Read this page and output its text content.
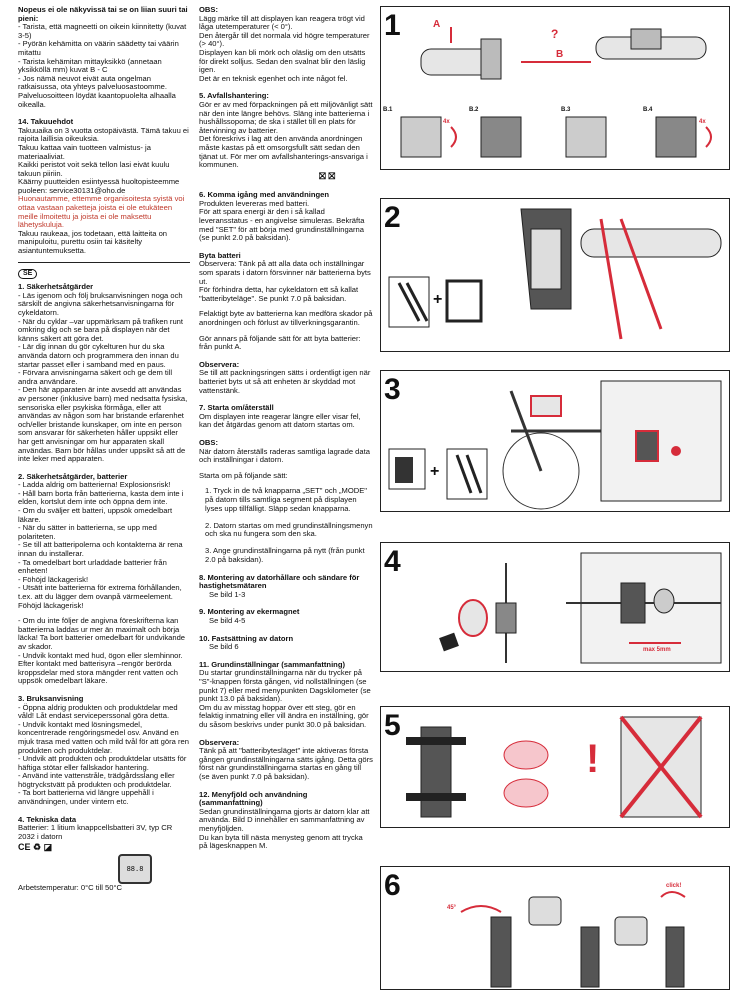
Nopeus ei ole näkyvissä tai se on liian suuri tai pieni:
- Tarista, että magneetti on oikein kiinnitetty (kuvat 3-5)
- Pyörän kehämitta on väärin säädetty tai väärin mitattu
- Tarista kehämitan mittayksikkö (annetaan yksikköllä mm) kuvat B - C
- Jos nämä neuvot eivät auta ongelman ratkaisussa, ota yhteys palveluosastoomme. Palveluosoitteen löydät kaantopuolelta alhaalla oikealla.
14. Takuuehdot
Takuuaika on 3 vuotta ostopäivästä. Tämä takuu ei rajoita laillisia oikeuksia.
Takuu kattaa vain tuotteen valmistus- ja materiaaliviat.
Kaikki peristot voit sekä tellon lasi eivät kuulu takuun piiriin.
Käärny puutteiden esiintyessä huoltopisteemme puoleen: service30131@oho.de
Huonautamme, ettemme organisoitesta syistä voi ottaa vastaan paketteja joista ei ole etukäteen meille ilmoitettu ja joista ei ole maksettu lähetyskuluja.
Takuu raukeaa, jos todetaan, että laitteita on manipuloitu, purettu osiin tai käsitelty asiantuntemuksetta.
SE
1. Säkerhetsåtgärder
- Läs igenom och följ bruksanvisningen noga och särskilt de angivna säkerhetsanvisningarna för cykeldatorn.
- När du cyklar –var uppmärksam på trafiken runt omkring dig och se bara på displayen när det känns säkert att göra det.
- Lär dig innan du gör cykelturen hur du ska använda datorn och programmera den innan du startar passet eller i samband med en paus.
- Förvara anvisningarna säkert och ge dem till andra användare.
- Den här apparaten är inte avsedd att användas av personer (inklusive barn) med nedsatta fysiska, sensoriska eller psykiska förmåga, eller att användas av någon som har bristande erfarenhet och/eller bristande kunskaper, om inte en person som ansvarar för säkerheten håller uppsikt eller har gett anvisningar om hur apparaten skall användas. Barn bör hållas under uppsikt så att de inte leker med apparaten.
2. Säkerhetsåtgärder, batterier
- Ladda aldrig om batterierna! Explosionsrisk!
- Håll barn borta från batterierna, kasta dem inte i elden, kortslut dem inte och öppna dem inte.
- Om du sväljer ett batteri, uppsök omedelbart läkare.
- När du sätter in batterierna, se upp med polariteten.
- Se till att batteripolerna och kontakterna är rena innan du installerar.
- Ta omedelbart bort urladdade batterier från enheten!
- Föhöjd läckagerisk!
- Utsätt inte batterierna för extrema förhållanden, t.ex. att du lägger dem ovanpå värmeelement. Föhöjd läckagerisk!
- Om du inte följer de angivna föreskrifterna kan batterierna laddas ur mer än maximalt och börja läcka! Ta bort batterier omedelbart för undvikande av skador.
- Undvik kontakt med hud, ögon eller slemhinnor. Efter kontakt med batterisyra –rengör berörda kroppsdelar med stora mängder rent vatten och uppsök omedelbart läkare.
3. Bruksanvisning
- Öppna aldrig produkten och produktdelar med våld! Låt endast serviceperssonal göra detta.
- Undvik kontakt med lösningsmedel, koncentrerade rengöringsmedel osv. Använd en mjuk trasa med vatten och mild tvål för att göra ren produkten och produktdelar.
- Undvik att produkten och produktdelar utsätts för häftiga stötar eller fallskador hantering.
- Använd inte vattenstråle, trädgårdsslang eller högtryckstvätt på produkten och produktdelar.
- Ta bort batterierna vid längre uppehåll i användningen, under vintern etc.
4. Tekniska data
Batterier: 1 litium knappcellsbatteri 3V, typ CR 2032 i datorn
CE ♻ ◪
88.8
Arbetstemperatur: 0°C till 50°C
OBS:
Lägg märke till att displayen kan reagera trögt vid låga utetemperaturer (< 0°).
Den återgår till det normala vid högre temperaturer (> 40°).
Displayen kan bli mörk och oläslig om den utsätts för direkt solljus. Sedan den svalnat blir den läslig igen.
Det är en teknisk egenhet och inte något fel.
5. Avfallshantering:
Gör er av med förpackningen på ett miljövänligt sätt när den inte längre behövs. Släng inte batterierna i hushållssoporna; de ska i stället till en plats för återvinning av batterier.
Det föreskrivs i lag att den använda anordningen måste kastas på ett omsorgsfullt sätt sedan den tjänat ut. För mer om avfallshanterings-ansvariga i kommunen.
⛝ ⛝
6. Komma igång med användningen
Produkten levereras med batteri.
För att spara energi är den i så kallad leveransstatus - en angivelse simuleras. Bekräfta med "SET" för att börja med grundinställningarna (se punkt 2.0 på baksidan).
Byta batteri
Observera: Tänk på att alla data och inställningar som sparats i datorn försvinner när batterierna byts ut.
För förhindra detta, har cykeldatorn ett så kallat "batteribyteläge". Se punkt 7.0 på baksidan.
Felaktigt byte av batterierna kan medföra skador på anordningen och förlust av tillverkningsgarantin.
Gör annars på följande sätt för att byta batterier: från punkt A.
Observera:
Se till att packningsringen sätts i ordentligt igen när batteriet byts ut så att enheten är skyddad mot vattenstänk.
7. Starta om/återställ
Om displayen inte reagerar längre eller visar fel, kan det åtgärdas genom att datorn startas om.
OBS:
När datorn återställs raderas samtliga lagrade data och inställningar i datorn.
Starta om på följande sätt:
1. Tryck in de två knapparna „SET" och „MODE" på datorn tills samtliga segment på displayen lyses upp tillfälligt. Släpp sedan knapparna.

2. Datorn startas om med grundinställningsmenyn och ska nu fungera som den ska.

3. Ange grundinställningarna på nytt (från punkt 2.0 på baksidan).
8. Montering av datorhållare och sändare för hastighetsmätaren
Se bild 1-3
9. Montering av ekermagnet
Se bild 4-5
10. Fastsättning av datorn
Se bild 6
11. Grundinställningar (sammanfattning)
Du startar grundinställningarna när du trycker på "S"-knappen första gången, vid nollställningen (se punkt 7) eller med menypunkten Dagskilometer (se punkt 13.0 på baksidan).
Om du av misstag hoppar över ett steg, gör en felaktig inmatning eller vill ändra en inställning, gör du såsom beskrivs under punkt 30.0 på baksidan.
Observera:
Tänk på att "batteribytesläget" inte aktiveras första gången grundinställningarna sätts igång. Detta görs först när grundinställningarna startas en gång till (se även punkt 7.0 på baksidan).
12. Menyfjöld och användning (sammanfattning)
Sedan grundinställningarna gjorts är datorn klar att använda. Bild D innehåller en sammanfattning av menyfjöljden.
Du kan byta till nästa menysteg genom att trycka på lägesknappen M.
1	A
B
?
B.1	B.2	B.3	B.4
4x	4x
2
+
3
+
4
max 5mm
5
!
6
45°
click!
